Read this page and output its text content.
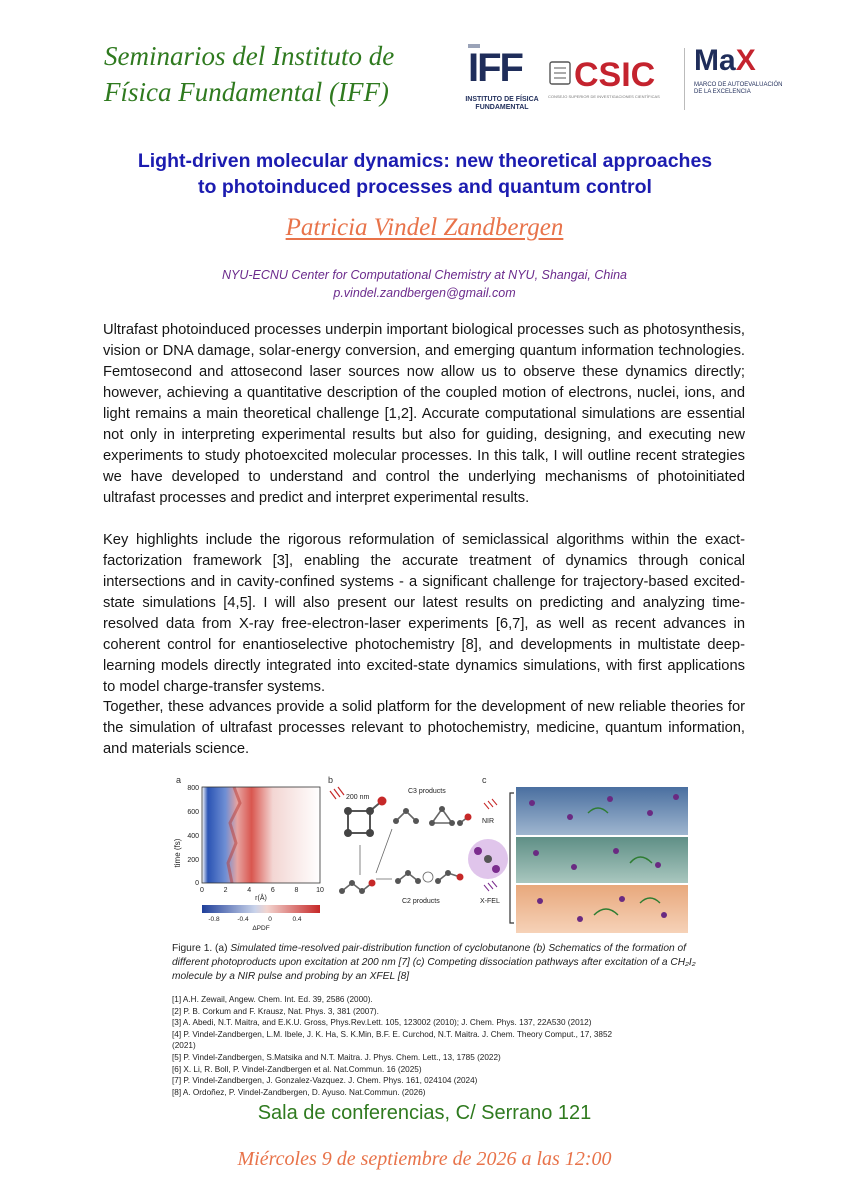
Seminarios del Instituto de
Física Fundamental (IFF)
IFF
INSTITUTO DE FÍSICA FUNDAMENTAL
CSIC
CONSEJO SUPERIOR DE INVESTIGACIONES CIENTÍFICAS
MaX
MARCO DE AUTOEVALUACIÓN DE LA EXCELENCIA
Light-driven molecular dynamics: new theoretical approaches
to photoinduced processes and quantum control
Patricia Vindel Zandbergen
NYU-ECNU Center for Computational Chemistry at NYU, Shangai, China
p.vindel.zandbergen@gmail.com

Ultrafast photoinduced processes underpin important biological processes such as photosynthesis, vision or DNA damage, solar-energy conversion, and emerging quantum information technologies. Femtosecond and attosecond laser sources now allow us to observe these dynamics directly; however, achieving a quantitative description of the coupled motion of electrons, nuclei, ions, and light remains a main theoretical challenge [1,2]. Accurate computational simulations are essential not only in interpreting experimental results but also for guiding, designing, and executing new experiments to study photoexcited molecular processes. In this talk, I will outline recent strategies we have developed to understand and control the underlying mechanisms of photoinitiated ultrafast processes and predict and interpret experimental results.

Key highlights include the rigorous reformulation of semiclassical algorithms within the exact-factorization framework [3], enabling the accurate treatment of dynamics through conical intersections and in cavity-confined systems - a significant challenge for trajectory-based excited-state simulations [4,5]. I will also present our latest results on predicting and analyzing time-resolved data from X-ray free-electron-laser experiments [6,7], as well as recent advances in coherent control for enantioselective photochemistry [8], and developments in multistate deep-learning models directly integrated into excited-state dynamics simulations, with first applications to model charge-transfer systems.

Together, these advances provide a solid platform for the development of new reliable theories for the simulation of ultrafast processes relevant to photochemistry, medicine, quantum information, and materials science.

a
time (fs)
800
600
400
200
0
0	2	4	6	8	10
r(Å)
-0.8	-0.4	0	0.4
ΔPDF
b
200 nm
C3 products
C2 products
c
NIR
X-FEL
Figure 1. (a) Simulated time-resolved pair-distribution function of cyclobutanone (b) Schematics of the formation of different photoproducts upon excitation at 200 nm [7] (c) Competing dissociation pathways after excitation of a CH₂I₂ molecule by a NIR pulse and probing by an XFEL [8]
[1] A.H. Zewail, Angew. Chem. Int. Ed. 39, 2586 (2000).
[2] P. B. Corkum and F. Krausz, Nat. Phys. 3, 381 (2007).
[3] A. Abedi, N.T. Maitra, and E.K.U. Gross, Phys.Rev.Lett. 105, 123002 (2010); J. Chem. Phys. 137, 22A530 (2012)
[4] P. Vindel-Zandbergen, L.M. Ibele, J. K. Ha, S. K.Min, B.F. E. Curchod, N.T. Maitra. J. Chem. Theory Comput., 17, 3852
(2021)
[5] P. Vindel-Zandbergen, S.Matsika and N.T. Maitra. J. Phys. Chem. Lett., 13, 1785 (2022)
[6] X. Li, R. Boll, P. Vindel-Zandbergen et al. Nat.Commun. 16 (2025)
[7] P. Vindel-Zandbergen, J. Gonzalez-Vazquez. J. Chem. Phys. 161, 024104 (2024)
[8] A. Ordoñez, P. Vindel-Zandbergen, D. Ayuso. Nat.Commun. (2026)
Sala de conferencias, C/ Serrano 121
Miércoles 9 de septiembre de 2026 a las 12:00
